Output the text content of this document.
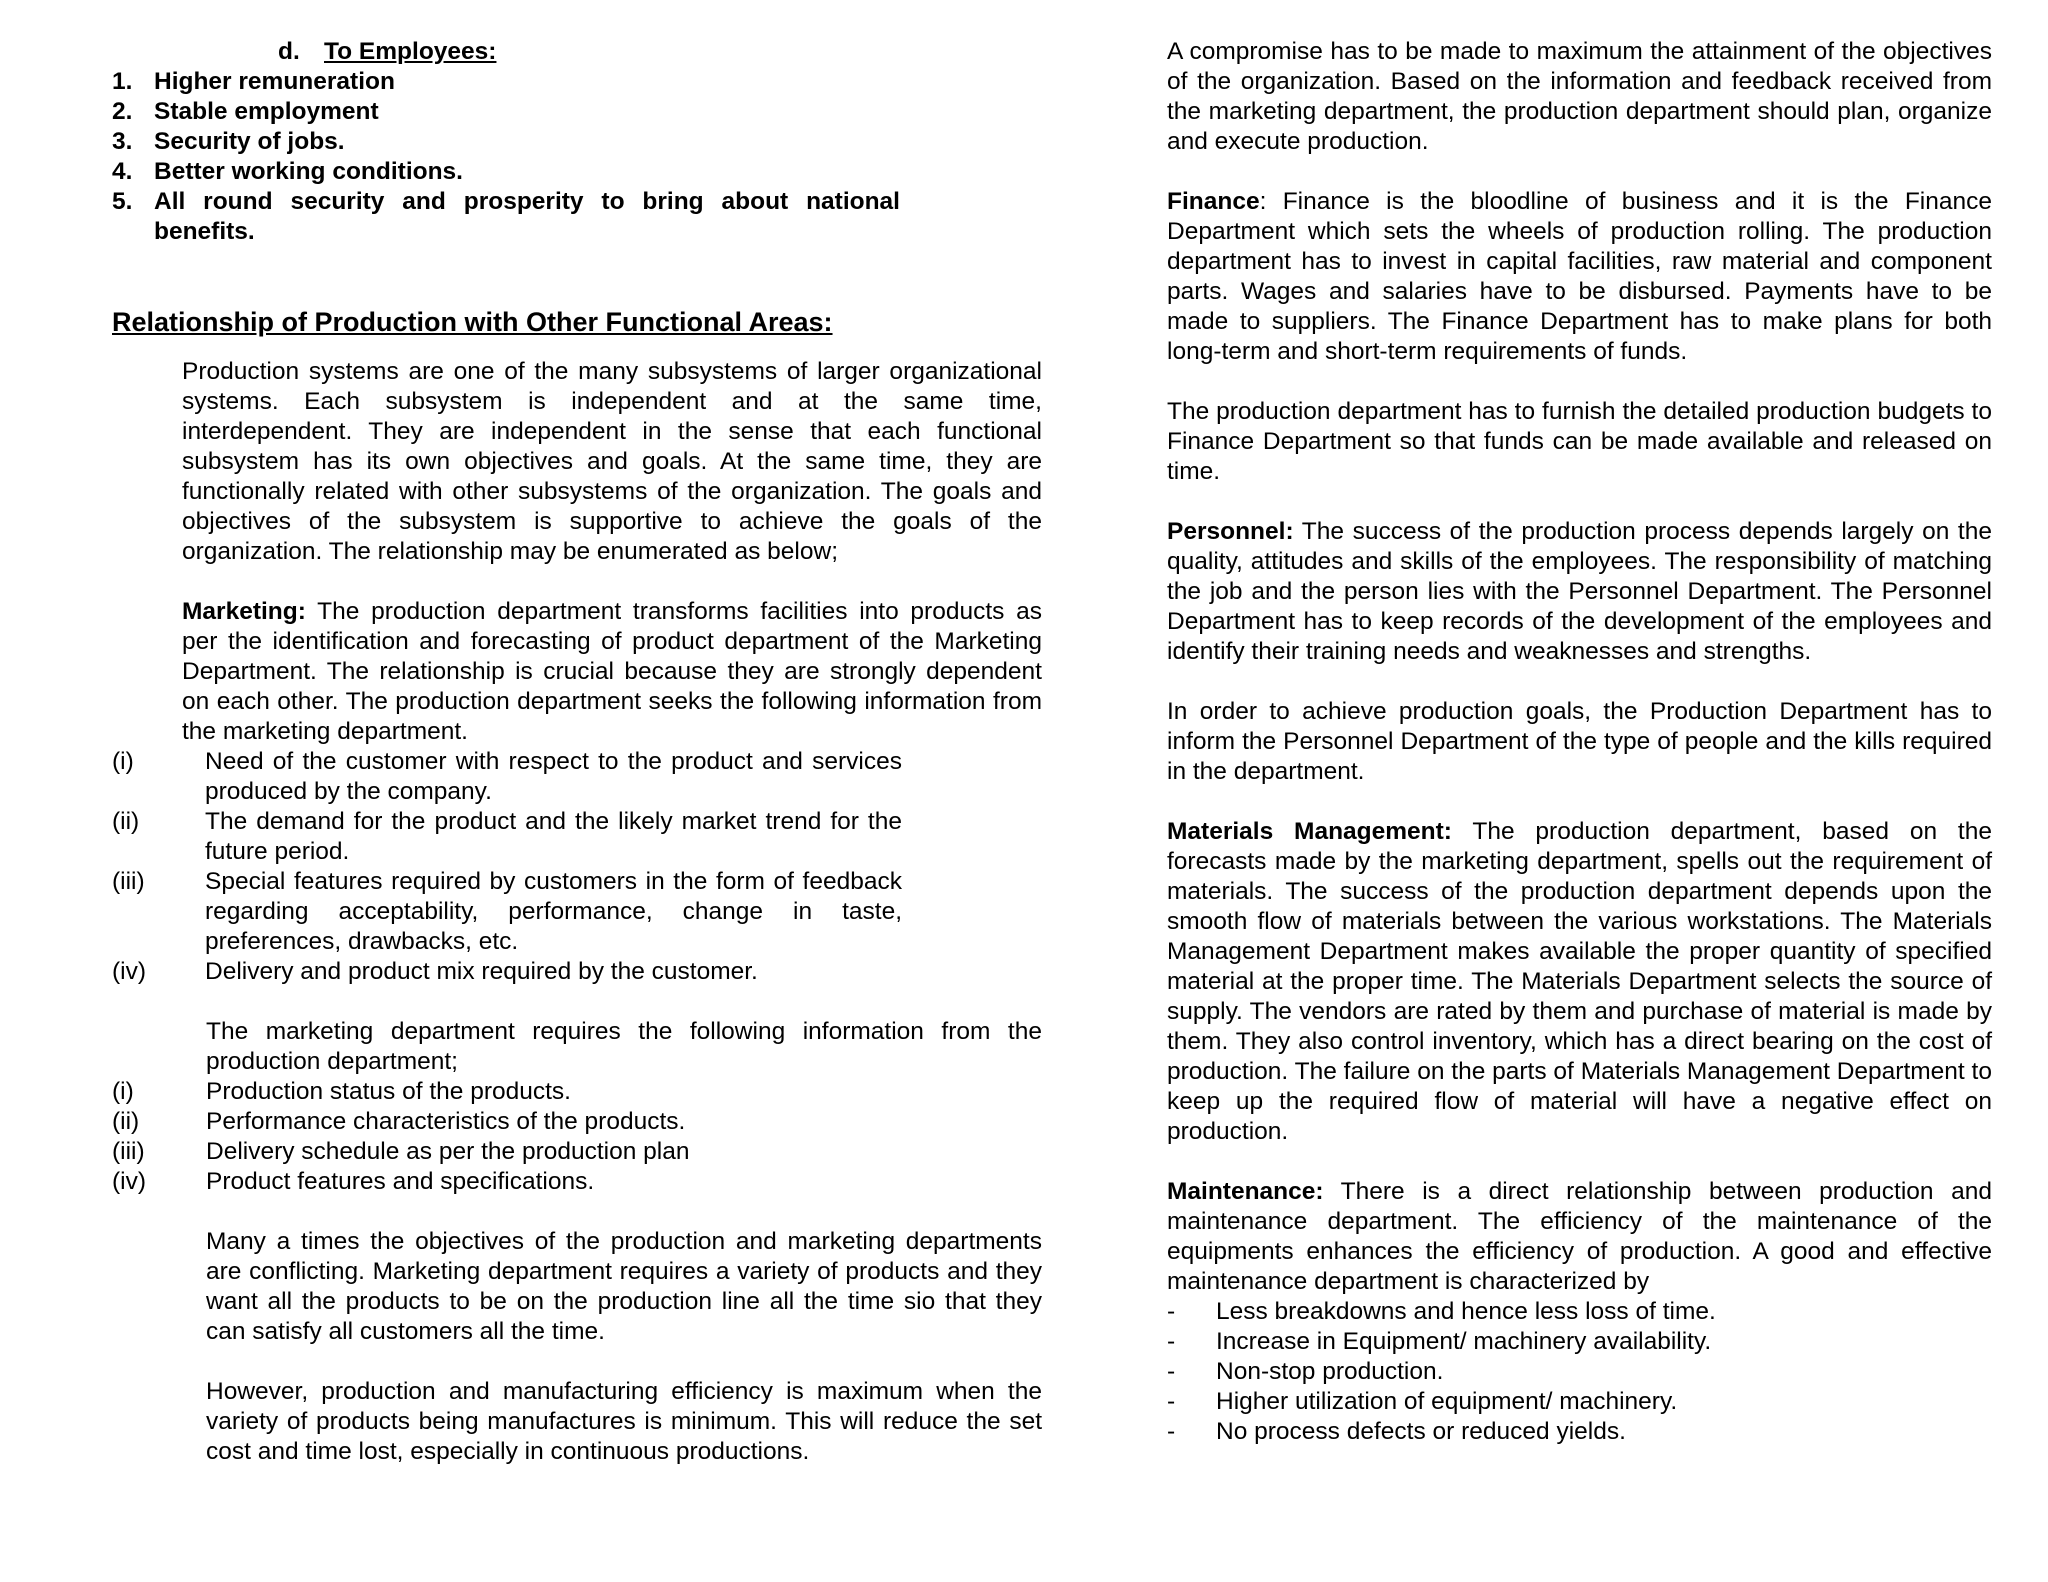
d. To Employees:
1. Higher remuneration
2. Stable employment
3. Security of jobs.
4. Better working conditions.
5. All round security and prosperity to bring about national benefits.
Relationship of Production with Other Functional Areas:

Production systems are one of the many subsystems of larger organizational systems. Each subsystem is independent and at the same time, interdependent. They are independent in the sense that each functional subsystem has its own objectives and goals. At the same time, they are functionally related with other subsystems of the organization. The goals and objectives of the subsystem is supportive to achieve the goals of the organization. The relationship may be enumerated as below;

Marketing: The production department transforms facilities into products as per the identification and forecasting of product department of the Marketing Department. The relationship is crucial because they are strongly dependent on each other. The production department seeks the following information from the marketing department.

(i)	Need of the customer with respect to the product and services produced by the company.
(ii)	The demand for the product and the likely market trend for the future period.
(iii)	Special features required by customers in the form of feedback regarding acceptability, performance, change in taste, preferences, drawbacks, etc.
(iv)	Delivery and product mix required by the customer.

The marketing department requires the following information from the production department;

(i)	Production status of the products.
(ii)	Performance characteristics of the products.
(iii)	Delivery schedule as per the production plan
(iv)	Product features and specifications.

Many a times the objectives of the production and marketing departments are conflicting. Marketing department requires a variety of products and they want all the products to be on the production line all the time sio that they can satisfy all customers all the time.

However, production and manufacturing efficiency is maximum when the variety of products being manufactures is minimum. This will reduce the set cost and time lost, especially in continuous productions.

A compromise has to be made to maximum the attainment of the objectives of the organization. Based on the information and feedback received from the marketing department, the production department should plan, organize and execute production.

Finance: Finance is the bloodline of business and it is the Finance Department which sets the wheels of production rolling. The production department has to invest in capital facilities, raw material and component parts. Wages and salaries have to be disbursed. Payments have to be made to suppliers. The Finance Department has to make plans for both long-term and short-term requirements of funds.

The production department has to furnish the detailed production budgets to Finance Department so that funds can be made available and released on time.

Personnel: The success of the production process depends largely on the quality, attitudes and skills of the employees. The responsibility of matching the job and the person lies with the Personnel Department. The Personnel Department has to keep records of the development of the employees and identify their training needs and weaknesses and strengths.

In order to achieve production goals, the Production Department has to inform the Personnel Department of the type of people and the kills required in the department.

Materials Management: The production department, based on the forecasts made by the marketing department, spells out the requirement of materials. The success of the production department depends upon the smooth flow of materials between the various workstations. The Materials Management Department makes available the proper quantity of specified material at the proper time. The Materials Department selects the source of supply. The vendors are rated by them and purchase of material is made by them. They also control inventory, which has a direct bearing on the cost of production. The failure on the parts of Materials Management Department to keep up the required flow of material will have a negative effect on production.

Maintenance: There is a direct relationship between production and maintenance department. The efficiency of the maintenance of the equipments enhances the efficiency of production. A good and effective maintenance department is characterized by

-	Less breakdowns and hence less loss of time.
-	Increase in Equipment/ machinery availability.
-	Non-stop production.
-	Higher utilization of equipment/ machinery.
-	No process defects or reduced yields.
